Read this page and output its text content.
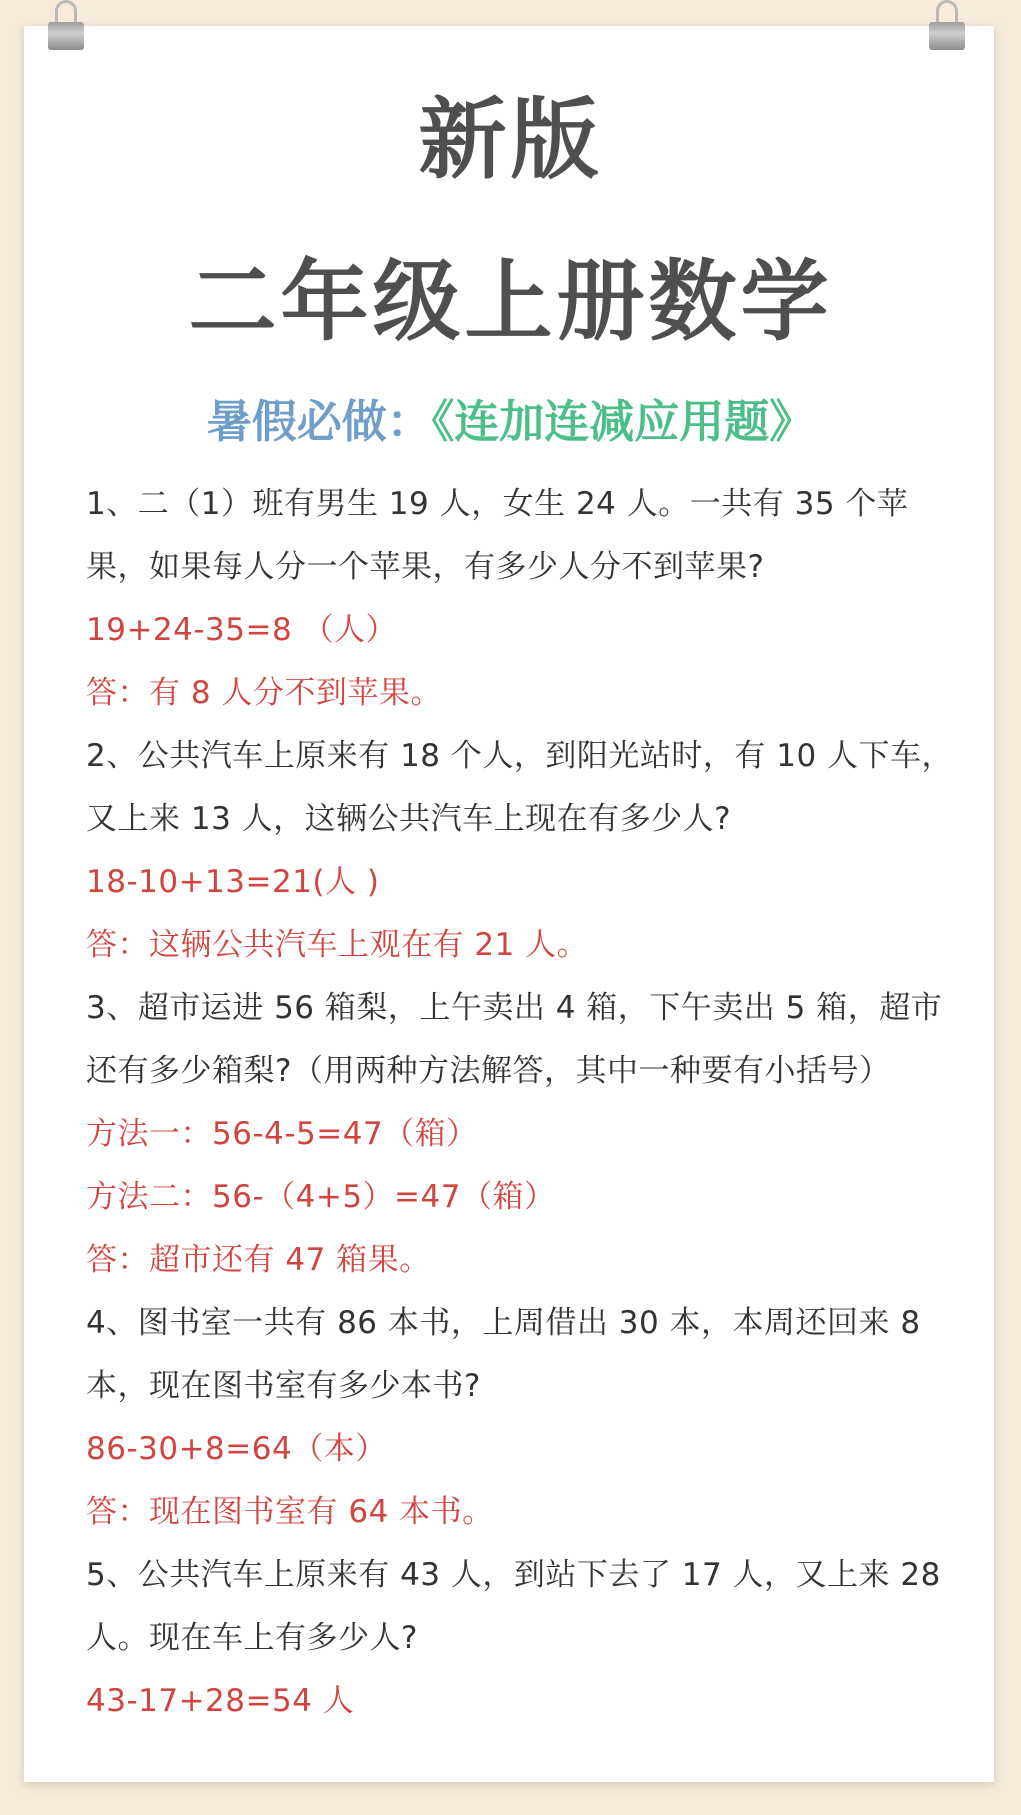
新版
二年级上册数学
暑假必做：《连加连减应用题》
1、二（1）班有男生 19 人，女生 24 人。一共有 35 个苹
果，如果每人分一个苹果，有多少人分不到苹果?
19+24-35=8 （人）
答：有 8 人分不到苹果。
2、公共汽车上原来有 18 个人，到阳光站时，有 10 人下车，
又上来 13 人，这辆公共汽车上现在有多少人?
18-10+13=21(人 )
答：这辆公共汽车上观在有 21 人。
3、超市运进 56 箱梨，上午卖出 4 箱，下午卖出 5 箱，超市
还有多少箱梨?（用两种方法解答，其中一种要有小括号）
方法一：56-4-5=47（箱）
方法二：56-（4+5）=47（箱）
答：超市还有 47 箱果。
4、图书室一共有 86 本书，上周借出 30 本，本周还回来 8
本，现在图书室有多少本书?
86-30+8=64（本）
答：现在图书室有 64 本书。
5、公共汽车上原来有 43 人，到站下去了 17 人，又上来 28
人。现在车上有多少人?
43-17+28=54 人
